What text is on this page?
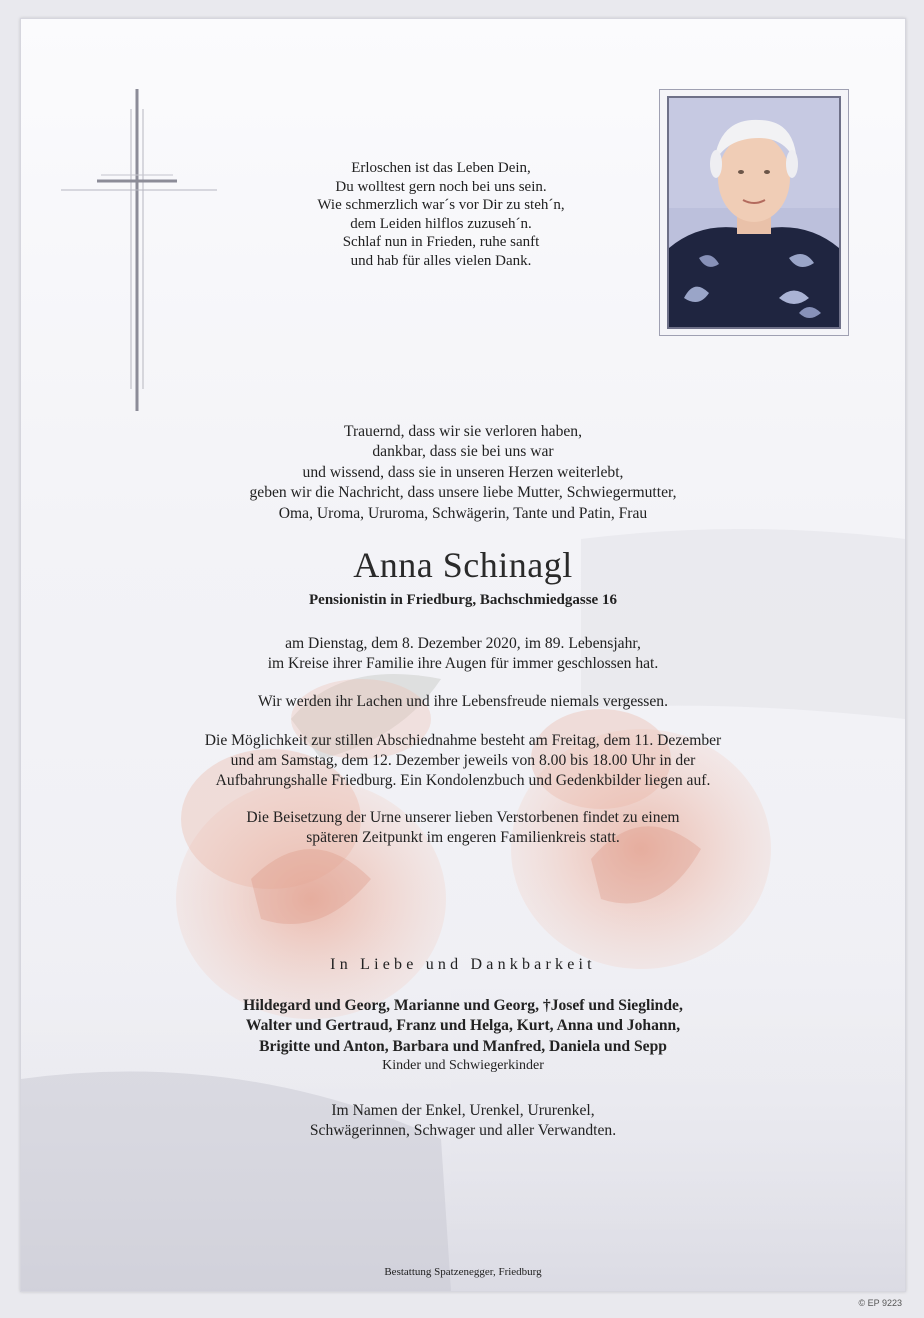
Erloschen ist das Leben Dein,
Du wolltest gern noch bei uns sein.
Wie schmerzlich war´s vor Dir zu steh´n,
dem Leiden hilflos zuzuseh´n.
Schlaf nun in Frieden, ruhe sanft
und hab für alles vielen Dank.
Trauernd, dass wir sie verloren haben,
dankbar, dass sie bei uns war
und wissend, dass sie in unseren Herzen weiterlebt,
geben wir die Nachricht, dass unsere liebe Mutter, Schwiegermutter,
Oma, Uroma, Ururoma, Schwägerin, Tante und Patin, Frau
Anna Schinagl
Pensionistin in Friedburg, Bachschmiedgasse 16
am Dienstag, dem 8. Dezember 2020, im 89. Lebensjahr,
im Kreise ihrer Familie ihre Augen für immer geschlossen hat.
Wir werden ihr Lachen und ihre Lebensfreude niemals vergessen.
Die Möglichkeit zur stillen Abschiednahme besteht am Freitag, dem 11. Dezember
und am Samstag, dem 12. Dezember jeweils von 8.00 bis 18.00 Uhr in der
Aufbahrungshalle Friedburg. Ein Kondolenzbuch und Gedenkbilder liegen auf.
Die Beisetzung der Urne unserer lieben Verstorbenen findet zu einem
späteren Zeitpunkt im engeren Familienkreis statt.
In Liebe und Dankbarkeit
Hildegard und Georg, Marianne und Georg, †Josef und Sieglinde,
Walter und Gertraud, Franz und Helga, Kurt, Anna und Johann,
Brigitte und Anton, Barbara und Manfred, Daniela und Sepp
Kinder und Schwiegerkinder
Im Namen der Enkel, Urenkel, Ururenkel,
Schwägerinnen, Schwager und aller Verwandten.
Bestattung Spatzenegger, Friedburg
© EP 9223
